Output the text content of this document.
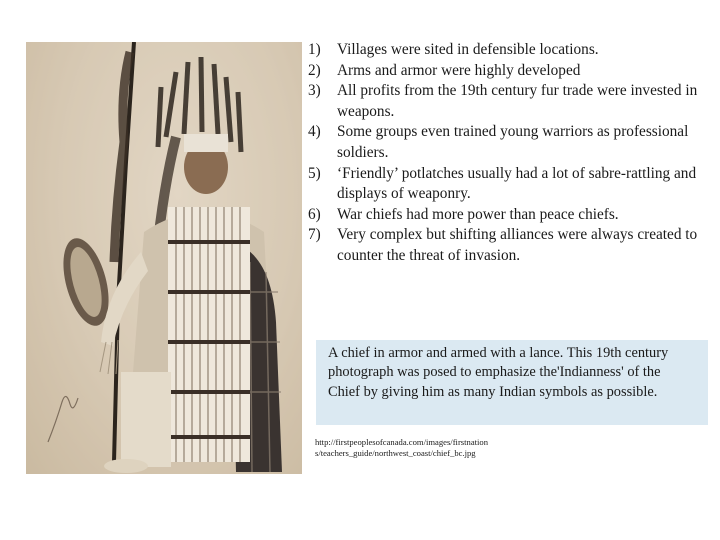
1) Villages were sited in defensible locations.
2) Arms and armor were highly developed
3) All profits from the 19th century fur trade were invested in weapons.
4) Some groups even trained young warriors as professional soldiers.
5) ‘Friendly’ potlatches usually had a lot of sabre-rattling and displays of weaponry.
6) War chiefs had more power than peace chiefs.
7) Very complex but shifting alliances were always created to counter the threat of invasion.
A chief in armor and armed with a lance. This 19th century photograph was posed to emphasize the'Indianness' of the Chief by giving him as many Indian symbols as possible.
http://firstpeoplesofcanada.com/images/firstnations/teachers_guide/northwest_coast/chief_bc.jpg
